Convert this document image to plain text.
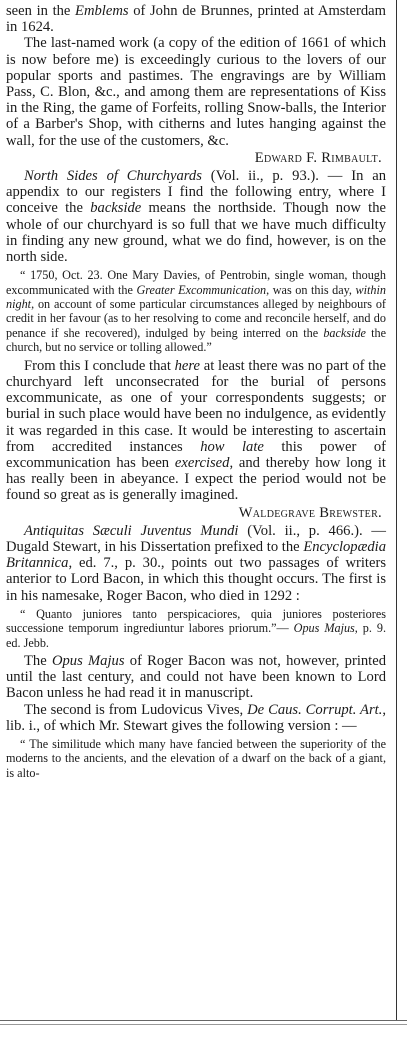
seen in the Emblems of John de Brunnes, printed at Amsterdam in 1624.

The last-named work (a copy of the edition of 1661 of which is now before me) is exceedingly curious to the lovers of our popular sports and pastimes. The engravings are by William Pass, C. Blon, &c., and among them are representations of Kiss in the Ring, the game of Forfeits, rolling Snow-balls, the Interior of a Barber's Shop, with citherns and lutes hanging against the wall, for the use of the customers, &c.

Edward F. Rimbault.

North Sides of Churchyards (Vol. ii., p. 93.). — In an appendix to our registers I find the following entry, where I conceive the backside means the northside. Though now the whole of our churchyard is so full that we have much difficulty in finding any new ground, what we do find, however, is on the north side.

“ 1750, Oct. 23. One Mary Davies, of Pentrobin, single woman, though excommunicated with the Greater Excommunication, was on this day, within night, on account of some particular circumstances alleged by neighbours of credit in her favour (as to her resolving to come and reconcile herself, and do penance if she recovered), indulged by being interred on the backside the church, but no service or tolling allowed.”

From this I conclude that here at least there was no part of the churchyard left unconsecrated for the burial of persons excommunicate, as one of your correspondents suggests; or burial in such place would have been no indulgence, as evidently it was regarded in this case. It would be interesting to ascertain from accredited instances how late this power of excommunication has been exercised, and thereby how long it has really been in abeyance. I expect the period would not be found so great as is generally imagined.

Waldegrave Brewster.

Antiquitas Sæculi Juventus Mundi (Vol. ii., p. 466.). — Dugald Stewart, in his Dissertation prefixed to the Encyclopædia Britannica, ed. 7., p. 30., points out two passages of writers anterior to Lord Bacon, in which this thought occurs. The first is in his namesake, Roger Bacon, who died in 1292 :

“ Quanto juniores tanto perspicaciores, quia juniores posteriores successione temporum ingrediuntur labores priorum.”— Opus Majus, p. 9. ed. Jebb.

The Opus Majus of Roger Bacon was not, however, printed until the last century, and could not have been known to Lord Bacon unless he had read it in manuscript.

The second is from Ludovicus Vives, De Caus. Corrupt. Art., lib. i., of which Mr. Stewart gives the following version : —

“ The similitude which many have fancied between the superiority of the moderns to the ancients, and the elevation of a dwarf on the back of a giant, is alto-
